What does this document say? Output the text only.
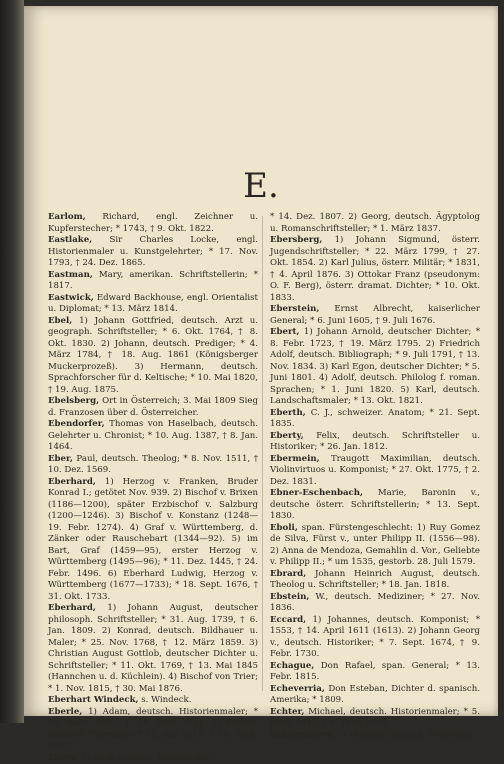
E.
Earlom, Richard, engl. Zeichner u. Kupferstecher; * 1743, † 9. Okt. 1822.
Eastlake, Sir Charles Locke, engl. Historienmaler u. Kunstgelehrter; * 17. Nov. 1793, † 24. Dez. 1865.
Eastman, Mary, amerikan. Schriftstellerin; * 1817.
Eastwick, Edward Backhouse, engl. Orientalist u. Diplomat; * 13. März 1814.
Ebel, 1) Johann Gottfried, deutsch. Arzt u. geograph. Schriftsteller; * 6. Okt. 1764, † 8. Okt. 1830. 2) Johann, deutsch. Prediger; * 4. März 1784, † 18. Aug. 1861 (Königsberger Muckerprozeß). 3) Hermann, deutsch. Sprachforscher für d. Keltische; * 10. Mai 1820, † 19. Aug. 1875.
Ebelsberg, Ort in Österreich; 3. Mai 1809 Sieg d. Franzosen über d. Österreicher.
Ebendorfer, Thomas von Haselbach, deutsch. Gelehrter u. Chronist; * 10. Aug. 1387, † 8. Jan. 1464.
Eber, Paul, deutsch. Theolog; * 8. Nov. 1511, † 10. Dez. 1569.
Eberhard, 1) Herzog v. Franken, Bruder Konrad I.; getötet Nov. 939. 2) Bischof v. Brixen (1186—1200), später Erzbischof v. Salzburg (1200—1246). 3) Bischof v. Konstanz (1248—19. Febr. 1274). 4) Graf v. Württemberg, d. Zänker oder Rauschebart (1344—92). 5) im Bart, Graf (1459—95), erster Herzog v. Württemberg (1495—96); * 11. Dez. 1445, † 24. Febr. 1496. 6) Eberhard Ludwig, Herzog v. Württemberg (1677—1733); * 18. Sept. 1676, † 31. Okt. 1733.
Eberhard, 1) Johann August, deutscher philosoph. Schriftsteller; * 31. Aug. 1739, † 6. Jan. 1809. 2) Konrad, deutsch. Bildhauer u. Maler; * 25. Nov. 1768, † 12. März 1859. 3) Christian August Gottlob, deutscher Dichter u. Schriftsteller; * 11. Okt. 1769, † 13. Mai 1845 (Hannchen u. d. Küchlein). 4) Bischof von Trier; * 1. Nov. 1815, † 30. Mai 1876.
Eberhart Windeck, s. Windeck.
Eberle, 1) Adam, deutsch. Historienmaler; * 26. März 1805, † 18. Dez. 1831. 2) Robert, deutsch. Tiermaler; * 22. Juli 1815, † 19. Sept. 1862.
Ebers, 1) Emil, deutsch. Genremaler;
* 14. Dez. 1807. 2) Georg, deutsch. Ägyptolog u. Romanschriftsteller; * 1. März 1837.
Ebersberg, 1) Johann Sigmund, österr. Jugendschriftsteller; * 22. März 1799, † 27. Okt. 1854. 2) Karl Julius, österr. Militär; * 1831, † 4. April 1876. 3) Ottokar Franz (pseudonym: O. F. Berg), österr. dramat. Dichter; * 10. Okt. 1833.
Eberstein, Ernst Albrecht, kaiserlicher General; * 6. Juni 1605, † 9. Juli 1676.
Ebert, 1) Johann Arnold, deutscher Dichter; * 8. Febr. 1723, † 19. März 1795. 2) Friedrich Adolf, deutsch. Bibliograph; * 9. Juli 1791, † 13. Nov. 1834. 3) Karl Egon, deutscher Dichter; * 5. Juni 1801. 4) Adolf, deutsch. Philolog f. roman. Sprachen; * 1. Juni 1820. 5) Karl, deutsch. Landschaftsmaler; * 13. Okt. 1821.
Eberth, C. J., schweizer. Anatom; * 21. Sept. 1835.
Eberty, Felix, deutsch. Schriftsteller u. Historiker; * 26. Jan. 1812.
Ebermein, Traugott Maximilian, deutsch. Violinvirtuos u. Komponist; * 27. Okt. 1775, † 2. Dez. 1831.
Ebner-Eschenbach, Marie, Baronin v., deutsche österr. Schriftstellerin; * 13. Sept. 1830.
Eboli, span. Fürstengeschlecht: 1) Ruy Gomez de Silva, Fürst v., unter Philipp II. (1556—98). 2) Anna de Mendoza, Gemahlin d. Vor., Geliebte v. Philipp II.; * um 1535, gestorb. 28. Juli 1579.
Ebrard, Johann Heinrich August, deutsch. Theolog u. Schriftsteller; * 18. Jan. 1818.
Ebstein, W., deutsch. Mediziner; * 27. Nov. 1836.
Eccard, 1) Johannes, deutsch. Komponist; * 1553, † 14. April 1611 (1613). 2) Johann Georg v., deutsch. Historiker; * 7. Sept. 1674, † 9. Febr. 1730.
Echague, Don Rafael, span. General; * 13. Febr. 1815.
Echeverria, Don Esteban, Dichter d. spanisch. Amerika; * 1809.
Echter, Michael, deutsch. Historienmaler; * 5. März 1812, † 4. Febr. 1879.
Echtermeyer, 1) Theodor, deutsch. Philosoph
